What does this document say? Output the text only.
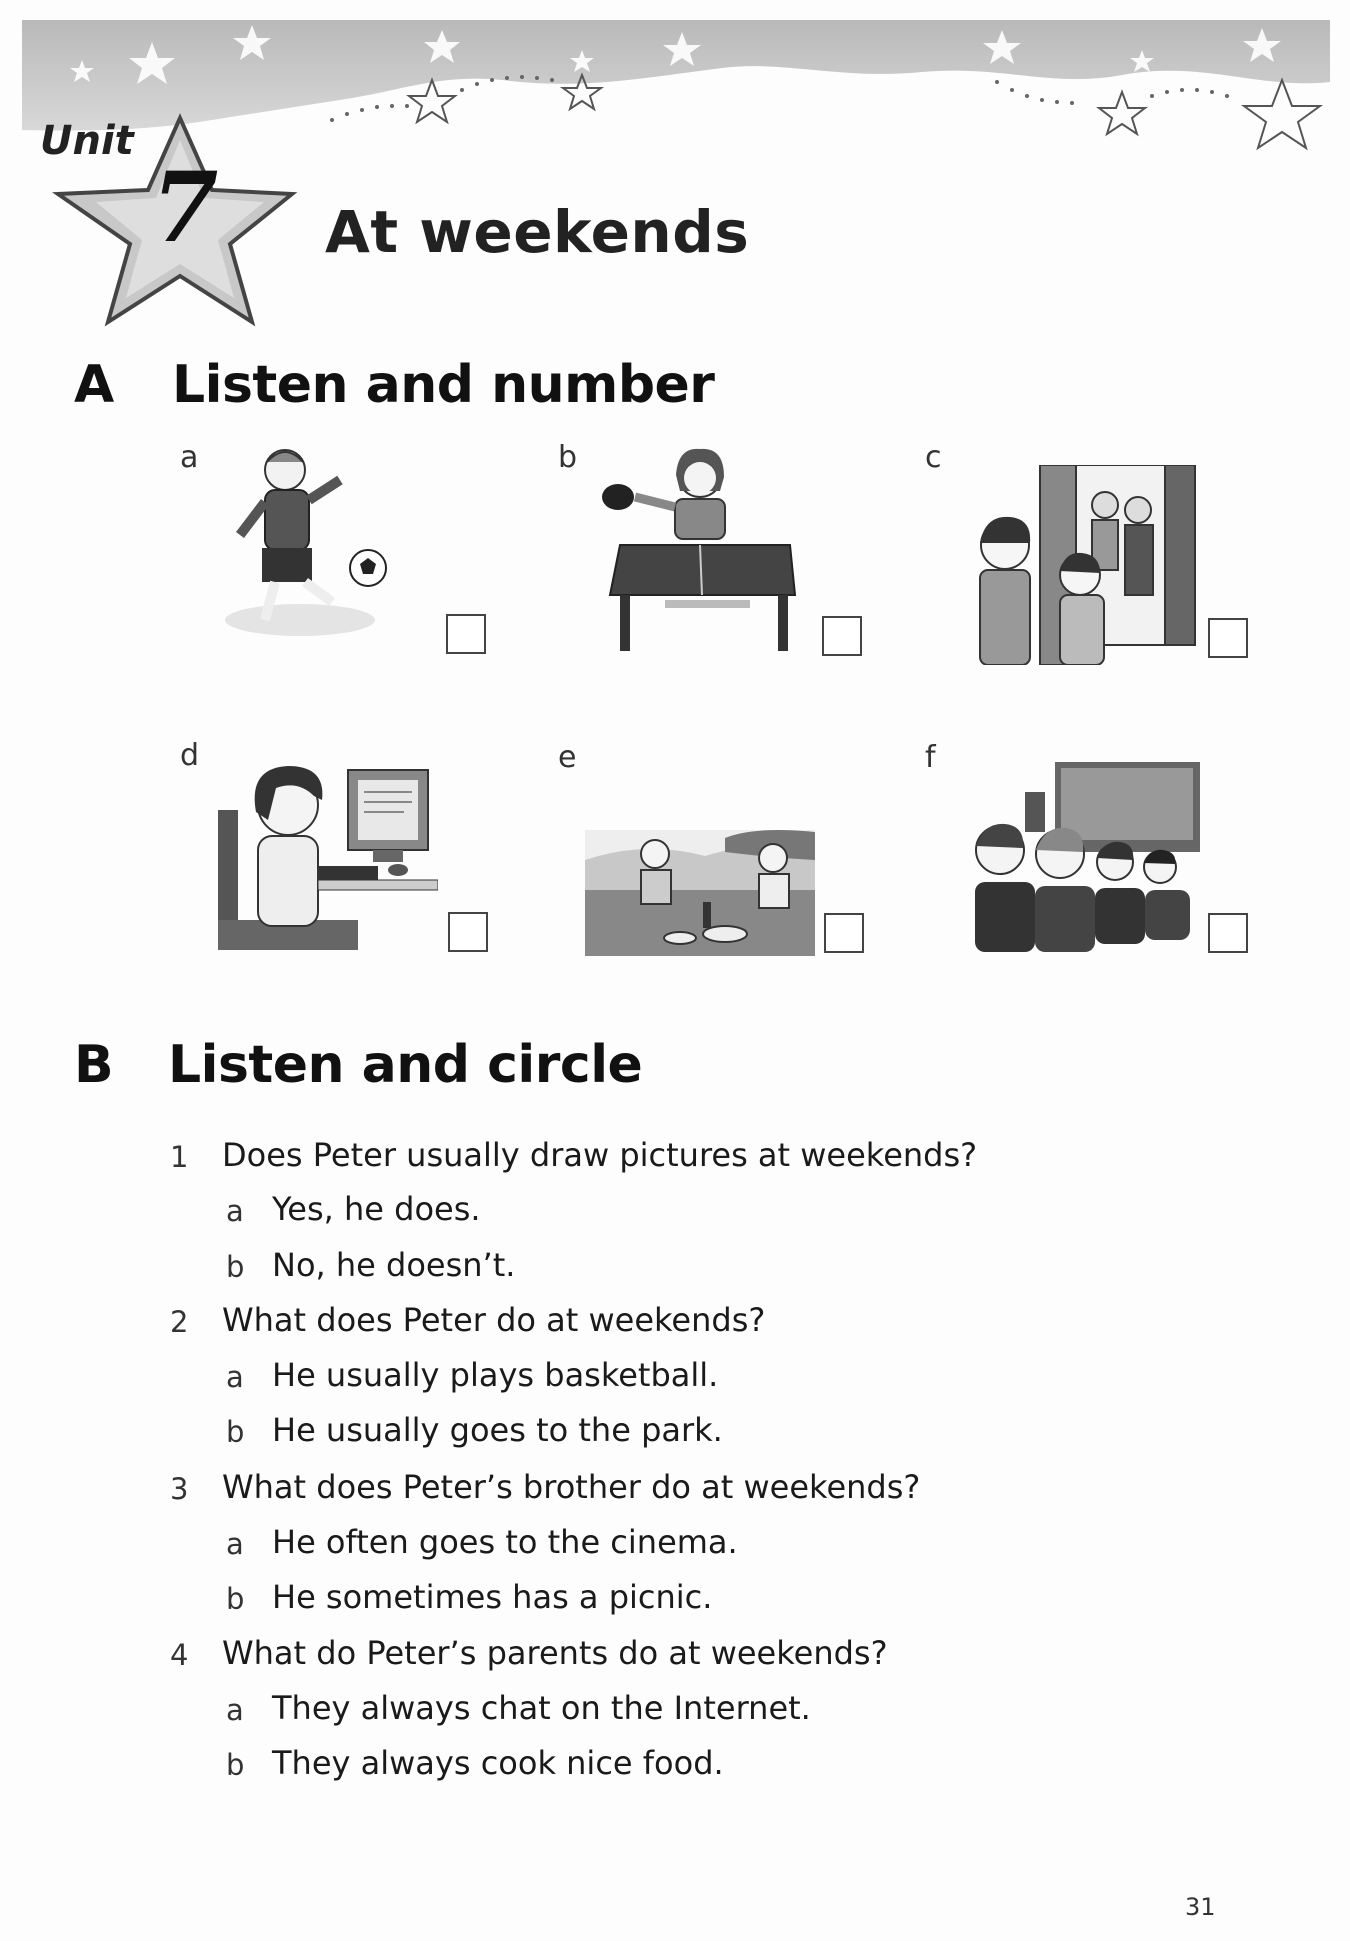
Unit
7 At weekends
A Listen and number
a	b	c
d	e	f
B Listen and circle
1 Does Peter usually draw pictures at weekends?
a Yes, he does.
b No, he doesn’t.
2 What does Peter do at weekends?
a He usually plays basketball.
b He usually goes to the park.
3 What does Peter’s brother do at weekends?
a He often goes to the cinema.
b He sometimes has a picnic.
4 What do Peter’s parents do at weekends?
a They always chat on the Internet.
b They always cook nice food.
31
